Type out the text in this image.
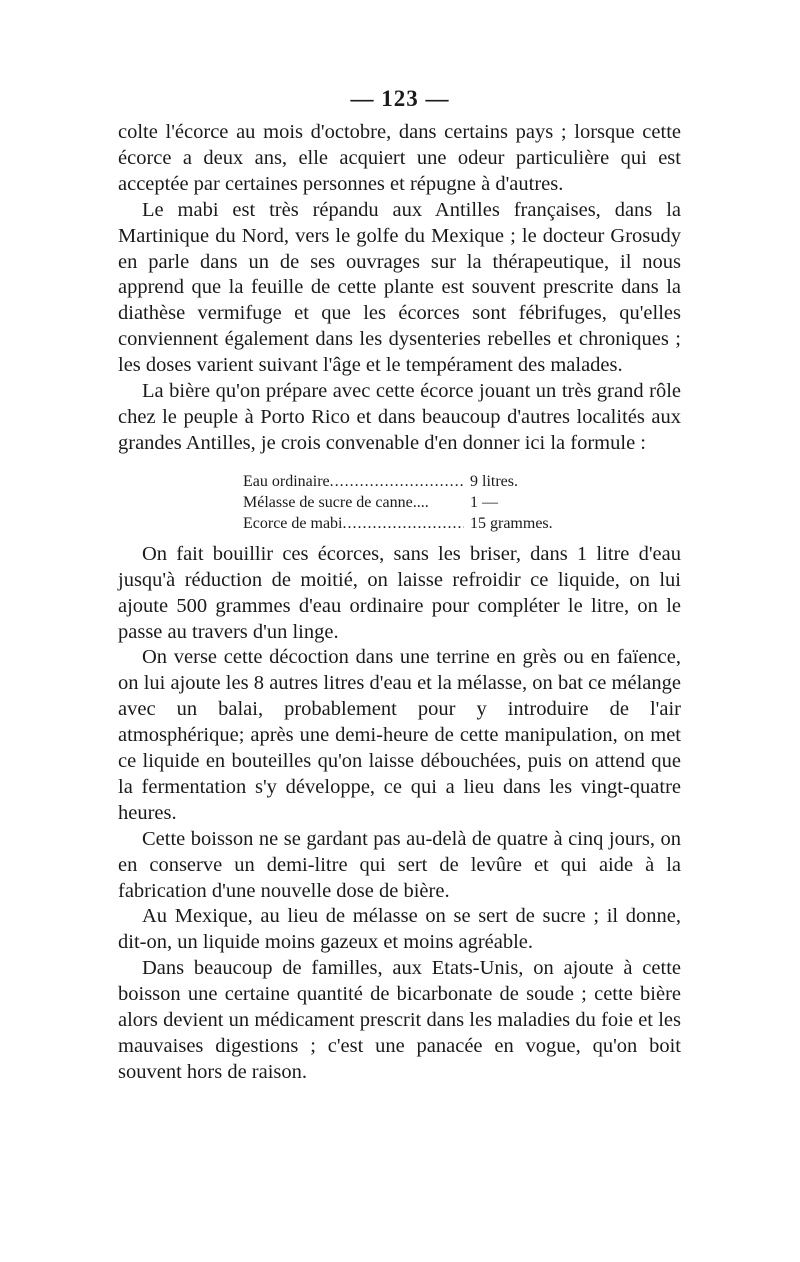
— 123 —

colte l'écorce au mois d'octobre, dans certains pays ; lorsque cette écorce a deux ans, elle acquiert une odeur particulière qui est acceptée par certaines personnes et répugne à d'autres.

Le mabi est très répandu aux Antilles françaises, dans la Martinique du Nord, vers le golfe du Mexique ; le docteur Grosudy en parle dans un de ses ouvrages sur la thérapeutique, il nous apprend que la feuille de cette plante est souvent prescrite dans la diathèse vermifuge et que les écorces sont fébrifuges, qu'elles conviennent également dans les dysenteries rebelles et chroniques ; les doses varient suivant l'âge et le tempérament des malades.

La bière qu'on prépare avec cette écorce jouant un très grand rôle chez le peuple à Porto Rico et dans beaucoup d'autres localités aux grandes Antilles, je crois convenable d'en donner ici la formule :

Eau ordinaire .....	9 litres.
Mélasse de sucre de canne....	1 —
Ecorce de mabi .....	15 grammes.

On fait bouillir ces écorces, sans les briser, dans 1 litre d'eau jusqu'à réduction de moitié, on laisse refroidir ce liquide, on lui ajoute 500 grammes d'eau ordinaire pour compléter le litre, on le passe au travers d'un linge.

On verse cette décoction dans une terrine en grès ou en faïence, on lui ajoute les 8 autres litres d'eau et la mélasse, on bat ce mélange avec un balai, probablement pour y introduire de l'air atmosphérique; après une demi-heure de cette manipulation, on met ce liquide en bouteilles qu'on laisse débouchées, puis on attend que la fermentation s'y développe, ce qui a lieu dans les vingt-quatre heures.

Cette boisson ne se gardant pas au-delà de quatre à cinq jours, on en conserve un demi-litre qui sert de levûre et qui aide à la fabrication d'une nouvelle dose de bière.

Au Mexique, au lieu de mélasse on se sert de sucre ; il donne, dit-on, un liquide moins gazeux et moins agréable.

Dans beaucoup de familles, aux Etats-Unis, on ajoute à cette boisson une certaine quantité de bicarbonate de soude ; cette bière alors devient un médicament prescrit dans les maladies du foie et les mauvaises digestions ; c'est une panacée en vogue, qu'on boit souvent hors de raison.
